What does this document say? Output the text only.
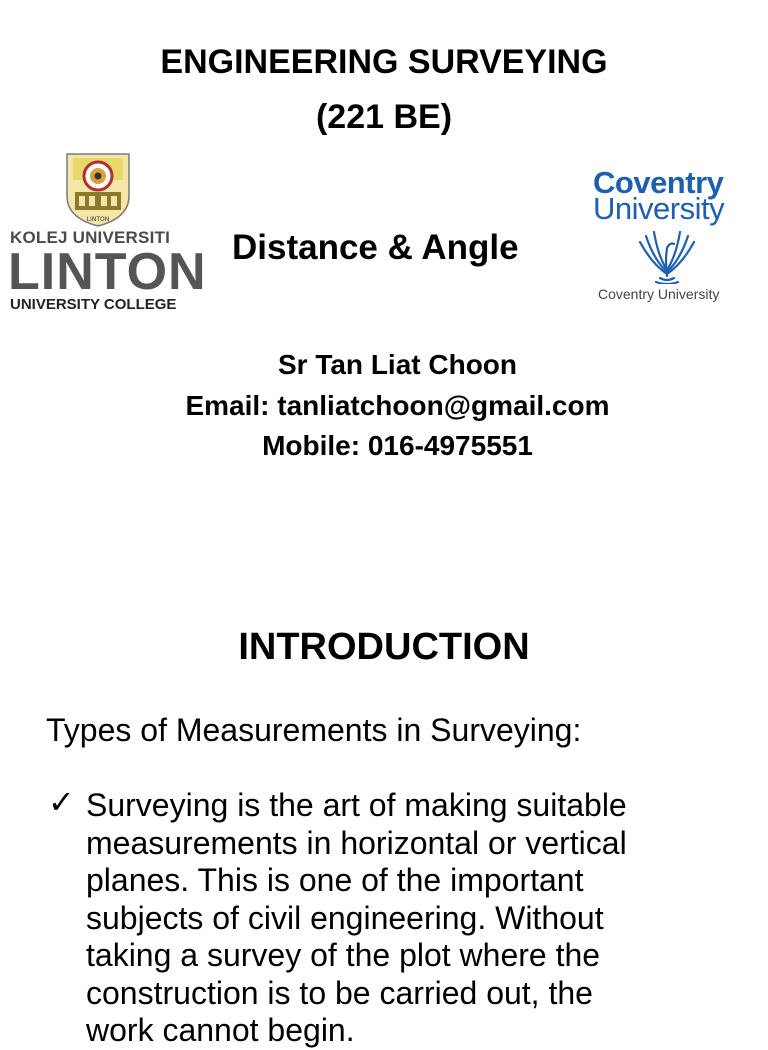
ENGINEERING SURVEYING
(221 BE)
LINTON
KOLEJ UNIVERSITI
LINTON
UNIVERSITY COLLEGE
Distance & Angle
Coventry
University
Coventry University
Sr Tan Liat Choon
Email: tanliatchoon@gmail.com
Mobile: 016-4975551
INTRODUCTION
Types of Measurements in Surveying:
✓ Surveying is the art of making suitable
measurements in horizontal or vertical
planes. This is one of the important
subjects of civil engineering. Without
taking a survey of the plot where the
construction is to be carried out, the
work cannot begin.
